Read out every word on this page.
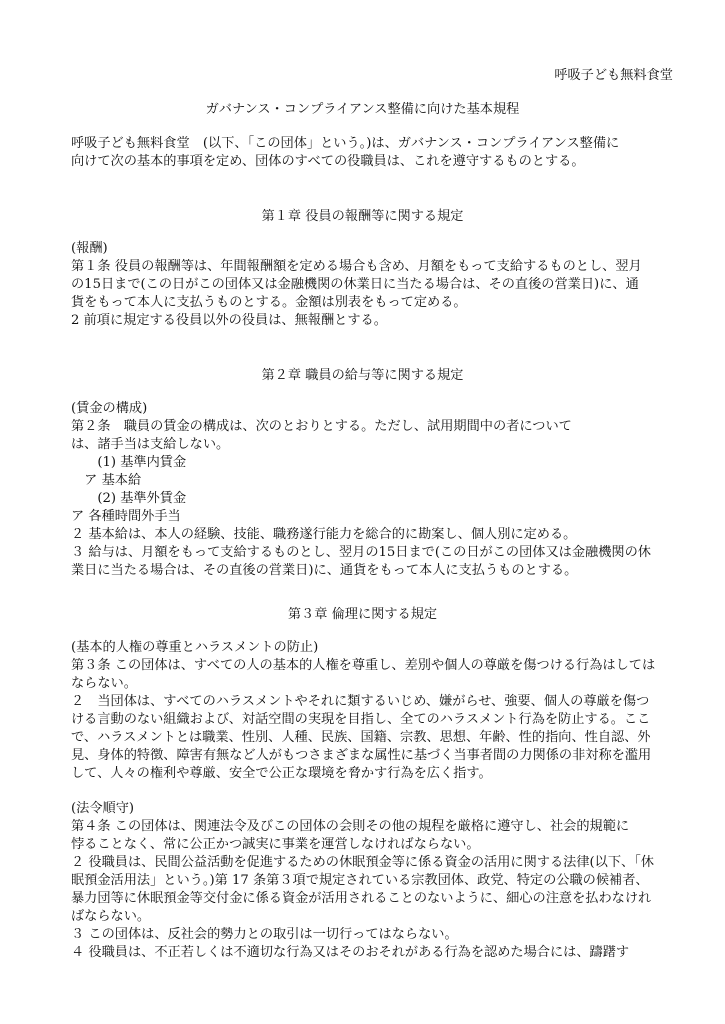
呼吸子ども無料食堂
ガバナンス・コンプライアンス整備に向けた基本規程
呼吸子ども無料食堂　(以下、「この団体」という。)は、ガバナンス・コンプライアンス整備に
向けて次の基本的事項を定め、団体のすべての役職員は、これを遵守するものとする。
第１章 役員の報酬等に関する規定
(報酬)
第１条 役員の報酬等は、年間報酬額を定める場合も含め、月額をもって支給するものとし、翌月
の15日まで(この日がこの団体又は金融機関の休業日に当たる場合は、その直後の営業日)に、通
貨をもって本人に支払うものとする。金額は別表をもって定める。
2 前項に規定する役員以外の役員は、無報酬とする。
第２章 職員の給与等に関する規定
(賃金の構成)
第２条　職員の賃金の構成は、次のとおりとする。ただし、試用期間中の者について
は、諸手当は支給しない。
　　(1) 基準内賃金
　ア 基本給
　　(2) 基準外賃金
ア 各種時間外手当
２ 基本給は、本人の経験、技能、職務遂行能力を総合的に勘案し、個人別に定める。
３ 給与は、月額をもって支給するものとし、翌月の15日まで(この日がこの団体又は金融機関の休
業日に当たる場合は、その直後の営業日)に、通貨をもって本人に支払うものとする。
第３章 倫理に関する規定
(基本的人権の尊重とハラスメントの防止)
第３条 この団体は、すべての人の基本的人権を尊重し、差別や個人の尊厳を傷つける行為はしては
ならない。
２　当団体は、すべてのハラスメントやそれに類するいじめ、嫌がらせ、強要、個人の尊厳を傷つ
ける言動のない組織および、対話空間の実現を目指し、全てのハラスメント行為を防止する。ここ
で、ハラスメントとは職業、性別、人種、民族、国籍、宗教、思想、年齢、性的指向、性自認、外
見、身体的特徴、障害有無など人がもつさまざまな属性に基づく当事者間の力関係の非対称を濫用
して、人々の権利や尊厳、安全で公正な環境を脅かす行為を広く指す。
(法令順守)
第４条 この団体は、関連法令及びこの団体の会則その他の規程を厳格に遵守し、社会的規範に
悖ることなく、常に公正かつ誠実に事業を運営しなければならない。
２ 役職員は、民間公益活動を促進するための休眠預金等に係る資金の活用に関する法律(以下、「休
眠預金活用法」という。)第 17 条第３項で規定されている宗教団体、政党、特定の公職の候補者、
暴力団等に休眠預金等交付金に係る資金が活用されることのないように、細心の注意を払わなけれ
ばならない。
３ この団体は、反社会的勢力との取引は一切行ってはならない。
４ 役職員は、不正若しくは不適切な行為又はそのおそれがある行為を認めた場合には、躊躇す
